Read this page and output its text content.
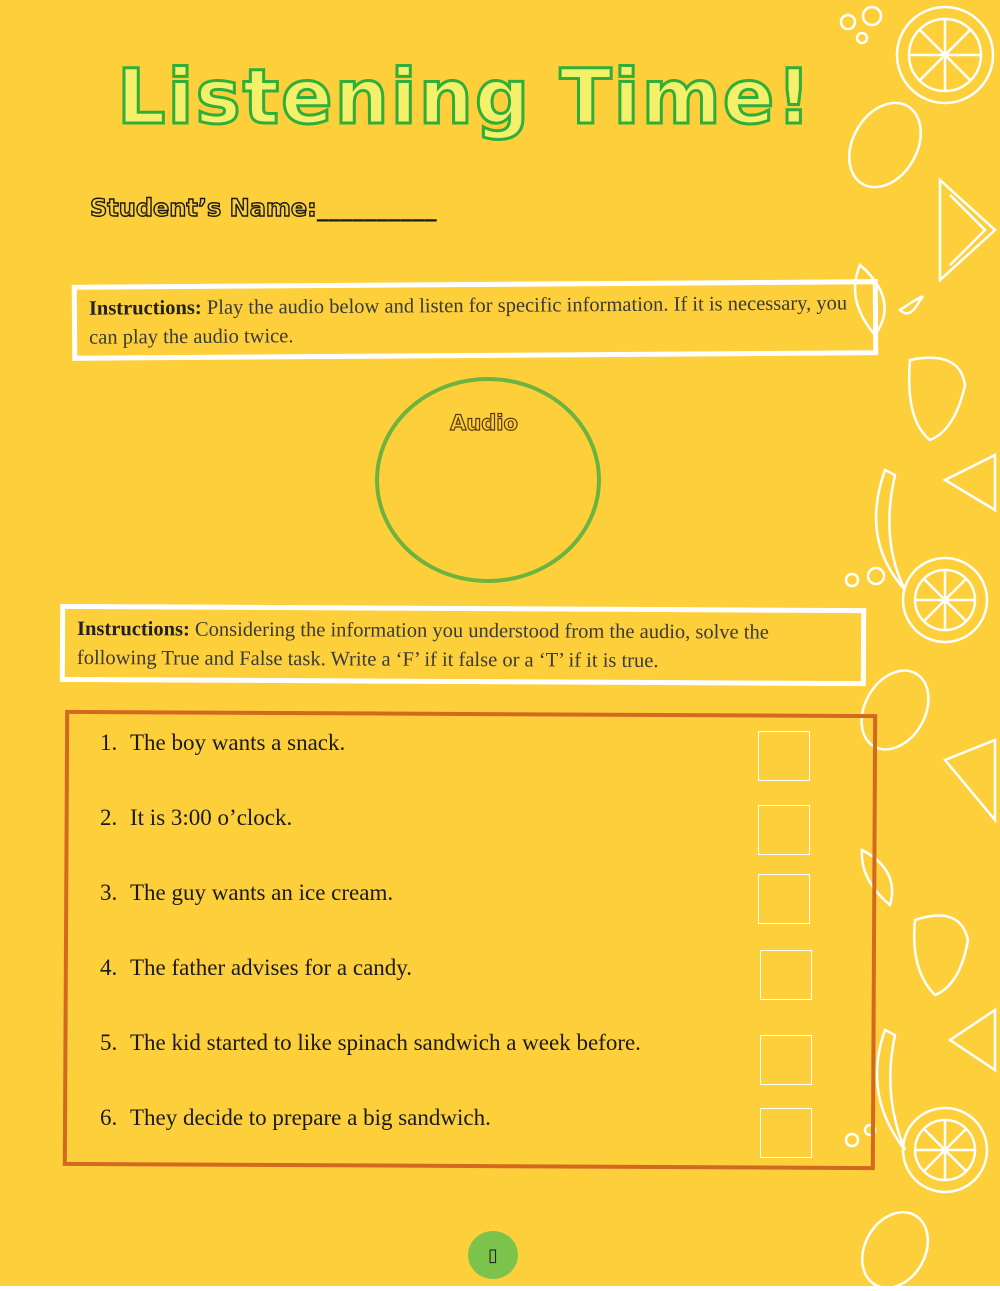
Listening Time!
Student’s Name:__________
Instructions: Play the audio below and listen for specific information. If it is necessary, you can play the audio twice.
Audio
Instructions: Considering the information you understood from the audio, solve the following True and False task. Write a ‘F’ if it false or a ‘T’ if it is true.
1. The boy wants a snack.
2. It is 3:00 o’clock.
3. The guy wants an ice cream.
4. The father advises for a candy.
5. The kid started to like spinach sandwich a week before.
6. They decide to prepare a big sandwich.
▯
